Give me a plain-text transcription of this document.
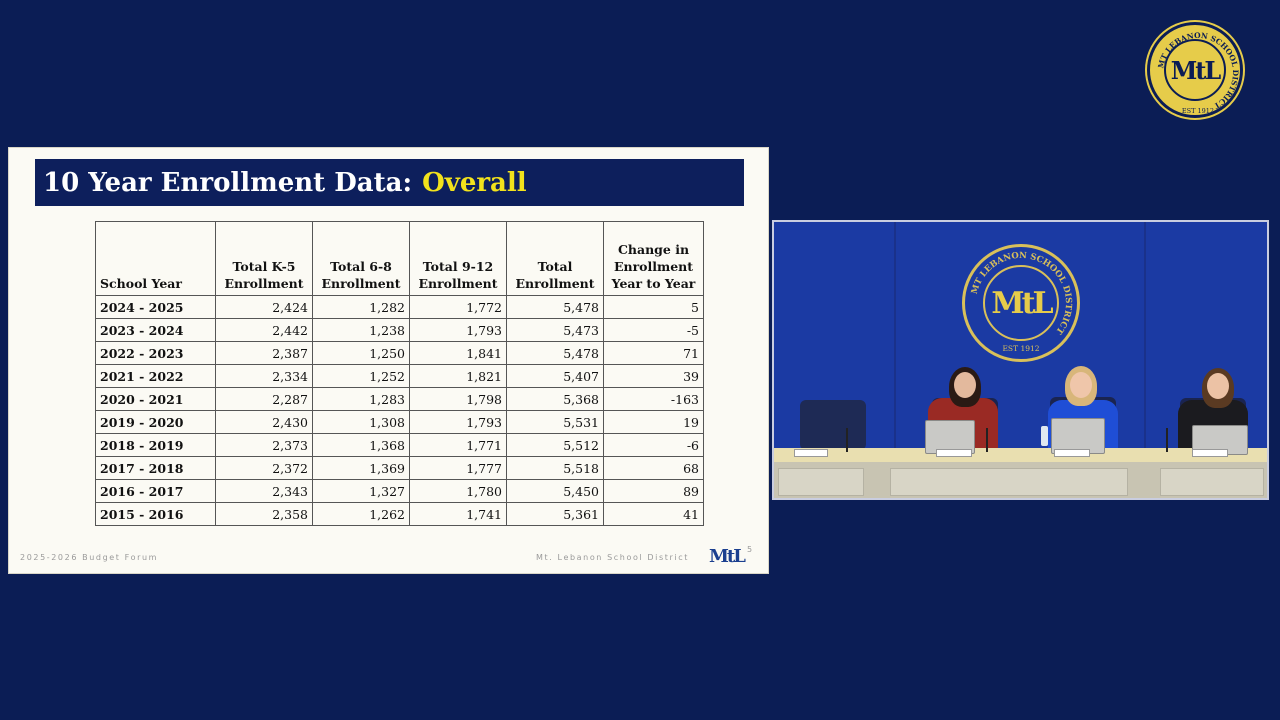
MT LEBANON SCHOOL DISTRICT
EST 1912
MtL
10 Year Enrollment Data: Overall
School Year	Total K-5 Enrollment	Total 6-8 Enrollment	Total 9-12 Enrollment	Total Enrollment	Change in Enrollment Year to Year
2024 - 2025	2,424	1,282	1,772	5,478	5
2023 - 2024	2,442	1,238	1,793	5,473	-5
2022 - 2023	2,387	1,250	1,841	5,478	71
2021 - 2022	2,334	1,252	1,821	5,407	39
2020 - 2021	2,287	1,283	1,798	5,368	-163
2019 - 2020	2,430	1,308	1,793	5,531	19
2018 - 2019	2,373	1,368	1,771	5,512	-6
2017 - 2018	2,372	1,369	1,777	5,518	68
2016 - 2017	2,343	1,327	1,780	5,450	89
2015 - 2016	2,358	1,262	1,741	5,361	41
2025-2026 Budget Forum	Mt. Lebanon School District MtL 5
MT LEBANON SCHOOL DISTRICT
EST 1912
MtL
